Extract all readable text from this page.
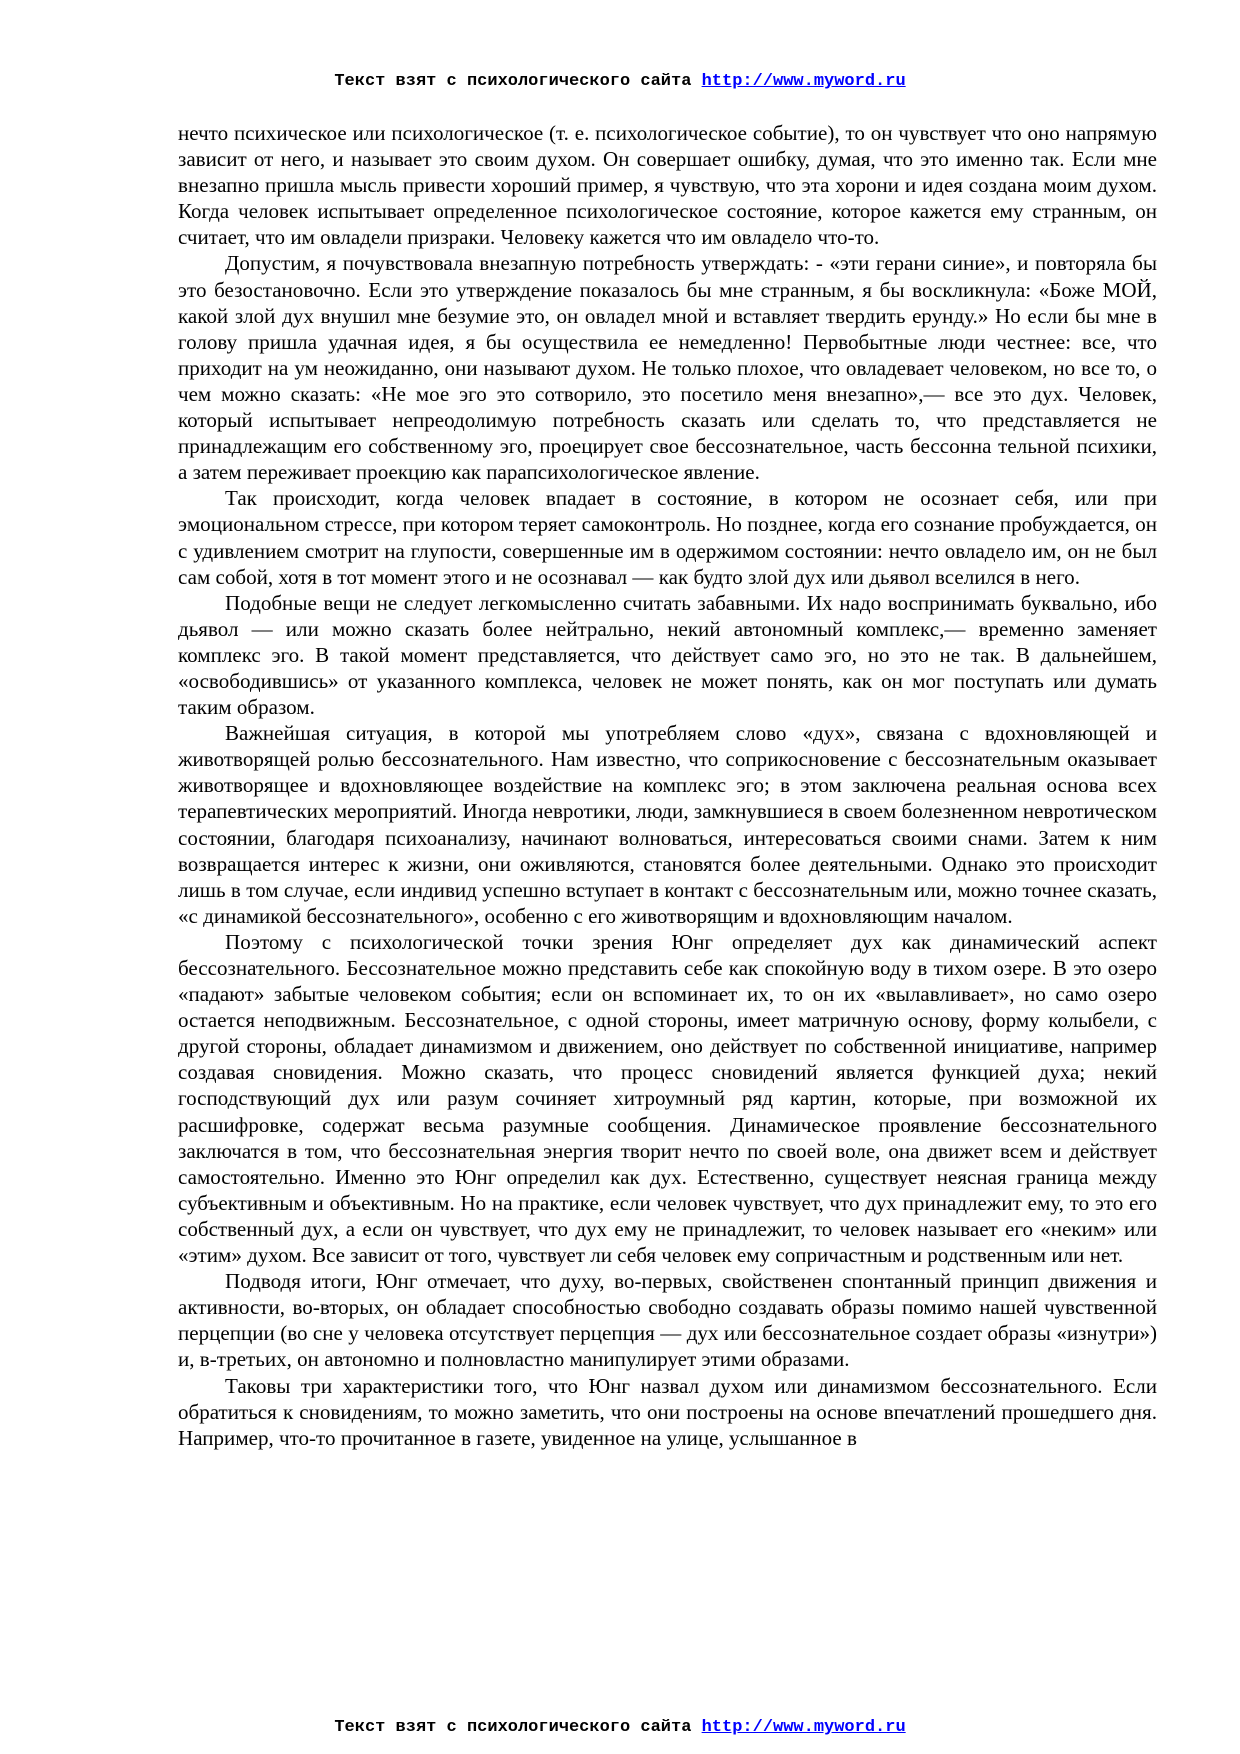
Текст взят с психологического сайта http://www.myword.ru

нечто психическое или психологическое (т. е. психологическое событие), то он чувствует что оно напрямую зависит от него, и называет это своим духом. Он совершает ошибку, думая, что это именно так. Если мне внезапно пришла мысль привести хороший пример, я чувствую, что эта хорони и идея создана моим духом. Когда человек испытывает определенное психологическое состояние, которое кажется ему странным, он считает, что им овладели призраки. Человеку кажется что им овладело что-то.

Допустим, я почувствовала внезапную потребность утверждать: - «эти герани синие», и повторяла бы это безостановочно. Если это утверждение показалось бы мне странным, я бы воскликнула: «Боже МОЙ, какой злой дух внушил мне безумие это, он овладел мной и вставляет твердить ерунду.» Но если бы мне в голову пришла удачная идея, я бы осуществила ее немедленно! Первобытные люди честнее: все, что приходит на ум неожиданно, они называют духом. Не только плохое, что овладевает человеком, но все то, о чем можно сказать: «Не мое эго это сотворило, это посетило меня внезапно»,— все это дух. Человек, который испытывает непреодолимую потребность сказать или сделать то, что представляется не принадлежащим его собственному эго, проецирует свое бессознательное, часть бессонна тельной психики, а затем переживает проекцию как парапсихологическое явление.

Так происходит, когда человек впадает в состояние, в котором не осознает себя, или при эмоциональном стрессе, при котором теряет самоконтроль. Но позднее, когда его сознание пробуждается, он с удивлением смотрит на глупости, совершенные им в одержимом состоянии: нечто овладело им, он не был сам собой, хотя в тот момент этого и не осознавал — как будто злой дух или дьявол вселился в него.

Подобные вещи не следует легкомысленно считать забавными. Их надо воспринимать буквально, ибо дьявол — или можно сказать более нейтрально, некий автономный комплекс,— временно заменяет комплекс эго. В такой момент представляется, что действует само эго, но это не так. В дальнейшем, «освободившись» от указанного комплекса, человек не может понять, как он мог поступать или думать таким образом.

Важнейшая ситуация, в которой мы употребляем слово «дух», связана с вдохновляющей и животворящей ролью бессознательного. Нам известно, что соприкосновение с бессознательным оказывает животворящее и вдохновляющее воздействие на комплекс эго; в этом заключена реальная основа всех терапевтических мероприятий. Иногда невротики, люди, замкнувшиеся в своем болезненном невротическом состоянии, благодаря психоанализу, начинают волноваться, интересоваться своими снами. Затем к ним возвращается интерес к жизни, они оживляются, становятся более деятельными. Однако это происходит лишь в том случае, если индивид успешно вступает в контакт с бессознательным или, можно точнее сказать, «с динамикой бессознательного», особенно с его животворящим и вдохновляющим началом.

Поэтому с психологической точки зрения Юнг определяет дух как динамический аспект бессознательного. Бессознательное можно представить себе как спокойную воду в тихом озере. В это озеро «падают» забытые человеком события; если он вспоминает их, то он их «вылавливает», но само озеро остается неподвижным. Бессознательное, с одной стороны, имеет матричную основу, форму колыбели, с другой стороны, обладает динамизмом и движением, оно действует по собственной инициативе, например создавая сновидения. Можно сказать, что процесс сновидений является функцией духа; некий господствующий дух или разум сочиняет хитроумный ряд картин, которые, при возможной их расшифровке, содержат весьма разумные сообщения. Динамическое проявление бессознательного заключатся в том, что бессознательная энергия творит нечто по своей воле, она движет всем и действует самостоятельно. Именно это Юнг определил как дух. Естественно, существует неясная граница между субъективным и объективным. Но на практике, если человек чувствует, что дух принадлежит ему, то это его собственный дух, а если он чувствует, что дух ему не принадлежит, то человек называет его «неким» или «этим» духом. Все зависит от того, чувствует ли себя человек ему сопричастным и родственным или нет.

Подводя итоги, Юнг отмечает, что духу, во-первых, свойственен спонтанный принцип движения и активности, во-вторых, он обладает способностью свободно создавать образы помимо нашей чувственной перцепции (во сне у человека отсутствует перцепция — дух или бессознательное создает образы «изнутри») и, в-третьих, он автономно и полновластно манипулирует этими образами.

Таковы три характеристики того, что Юнг назвал духом или динамизмом бессознательного. Если обратиться к сновидениям, то можно заметить, что они построены на основе впечатлений прошедшего дня. Например, что-то прочитанное в газете, увиденное на улице, услышанное в

Текст взят с психологического сайта http://www.myword.ru
